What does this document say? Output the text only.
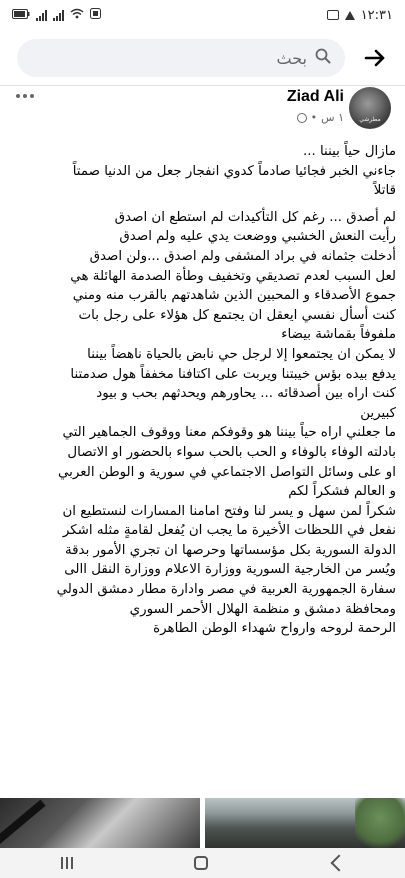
١٢:٣١
بحث
مطرشي
Ziad Ali
• ١ س

مازال حياً بيننا ...

جاءني الخبر فجائيا صادماً كدوي انفجار جعل من الدنيا صمتاً
قاتلاً

لم أصدق ... رغم كل التأكيدات لم استطع ان اصدق

رأيت النعش الخشبي ووضعت يدي عليه ولم اصدق

أدخلت جثمانه في براد المشفى ولم اصدق ...ولن اصدق

لعل السبب لعدم تصديقي وتخفيف وطأة الصدمة الهائلة هي

جموع الأصدقاء و المحبين الذين شاهدتهم بالقرب منه ومني

كنت أسأل نفسي ايعقل ان يجتمع كل هؤلاء على رجل بات
ملفوفاً بقماشة بيضاء

لا يمكن ان يجتمعوا إلا لرجل حي نابض بالحياة ناهضاً بيننا

يدفع بيده بؤس خيبتنا ويربت على اكتافنا مخففاً هول صدمتنا

كنت اراه بين أصدقائه ... يحاورهم ويحدثهم بحب و بيود
كبيرين

ما جعلني اراه حياً بيننا هو وقوفكم معنا ووقوف الجماهير التي
بادلته الوفاء بالوفاء و الحب بالحب سواء بالحضور او الاتصال
او على وسائل التواصل الاجتماعي في سورية و الوطن العربي
و العالم فشكراً لكم

شكراً لمن سهل و يسر لنا وفتح امامنا المسارات لنستطيع ان
نفعل في اللحظات الأخيرة ما يجب ان يُفعل لقامةٍ مثله اشكر
الدولة السورية بكل مؤسساتها وحرصها ان تجري الأمور بدقة
ويُسر من الخارجية السورية ووزارة الاعلام ووزارة النقل االى
سفارة الجمهورية العربية في مصر وادارة مطار دمشق الدولي
ومحافظة دمشق و منظمة الهلال الأحمر السوري
الرحمة لروحه وارواح شهداء الوطن الطاهرة
